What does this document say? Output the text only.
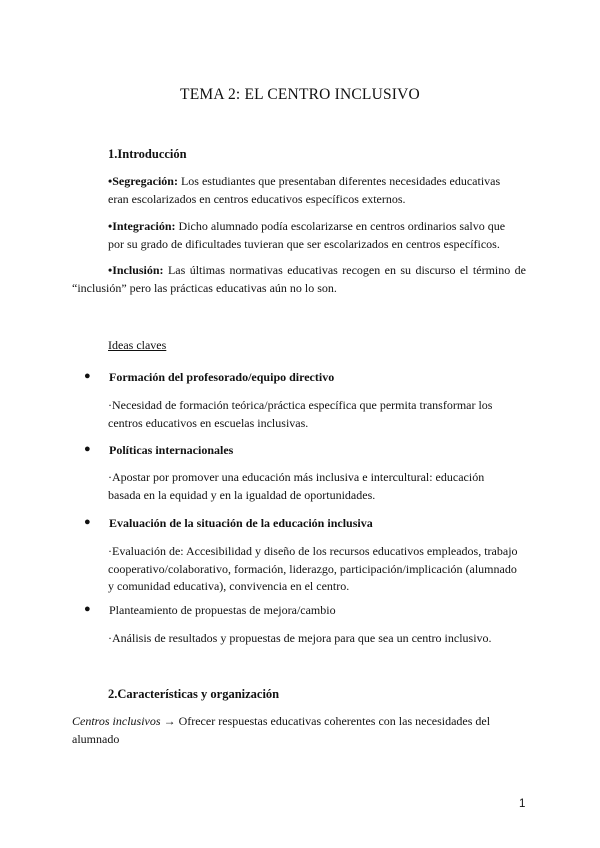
TEMA 2: EL CENTRO INCLUSIVO
1.Introducción
•Segregación: Los estudiantes que presentaban diferentes necesidades educativas eran escolarizados en centros educativos específicos externos.
•Integración: Dicho alumnado podía escolarizarse en centros ordinarios salvo que por su grado de dificultades tuvieran que ser escolarizados en centros específicos.
•Inclusión: Las últimas normativas educativas recogen en su discurso el término de “inclusión” pero las prácticas educativas aún no lo son.
Ideas claves
● Formación del profesorado/equipo directivo
·Necesidad de formación teórica/práctica específica que permita transformar los centros educativos en escuelas inclusivas.
● Políticas internacionales
·Apostar por promover una educación más inclusiva e intercultural: educación basada en la equidad y en la igualdad de oportunidades.
● Evaluación de la situación de la educación inclusiva
·Evaluación de: Accesibilidad y diseño de los recursos educativos empleados, trabajo cooperativo/colaborativo, formación, liderazgo, participación/implicación (alumnado y comunidad educativa), convivencia en el centro.
● Planteamiento de propuestas de mejora/cambio
·Análisis de resultados y propuestas de mejora para que sea un centro inclusivo.
2.Características y organización
Centros inclusivos → Ofrecer respuestas educativas coherentes con las necesidades del alumnado
1
